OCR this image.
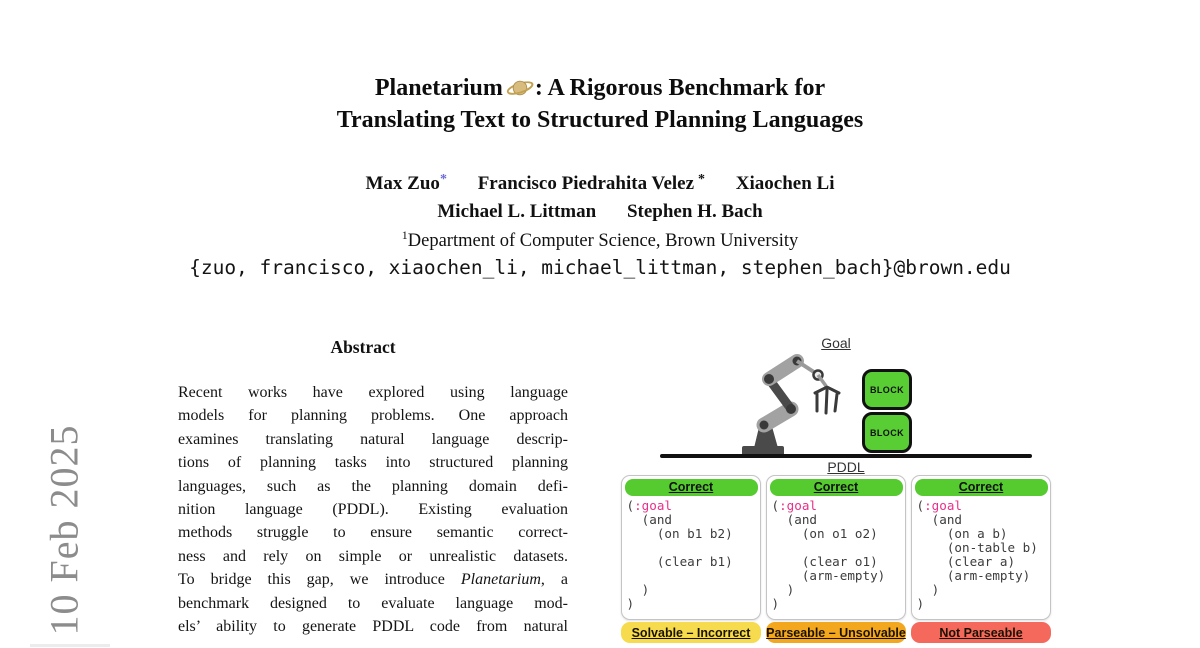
10 Feb 2025
Planetarium : A Rigorous Benchmark for
Translating Text to Structured Planning Languages
Max Zuo* Francisco Piedrahita Velez * Xiaochen Li
Michael L. Littman Stephen H. Bach
$^1$Department of Computer Science, Brown University
{zuo, francisco, xiaochen_li, michael_littman, stephen_bach}@brown.edu
Abstract
Recent works have explored using language
models for planning problems. One approach
examines translating natural language descrip-
tions of planning tasks into structured planning
languages, such as the planning domain defi-
nition language (PDDL). Existing evaluation
methods struggle to ensure semantic correct-
ness and rely on simple or unrealistic datasets.
To bridge this gap, we introduce Planetarium, a
benchmark designed to evaluate language mod-
els’ ability to generate PDDL code from natural
Goal
BLOCK
BLOCK
PDDL
Correct
(:goal
(and
(on b1 b2)

(clear b1)

)
)
Correct
(:goal
(and
(on o1 o2)

(clear o1)
(arm-empty)
)
)
Correct
(:goal
(and
(on a b)
(on-table b)
(clear a)
(arm-empty)
)
)
Solvable – Incorrect	Parseable – Unsolvable	Not Parseable
